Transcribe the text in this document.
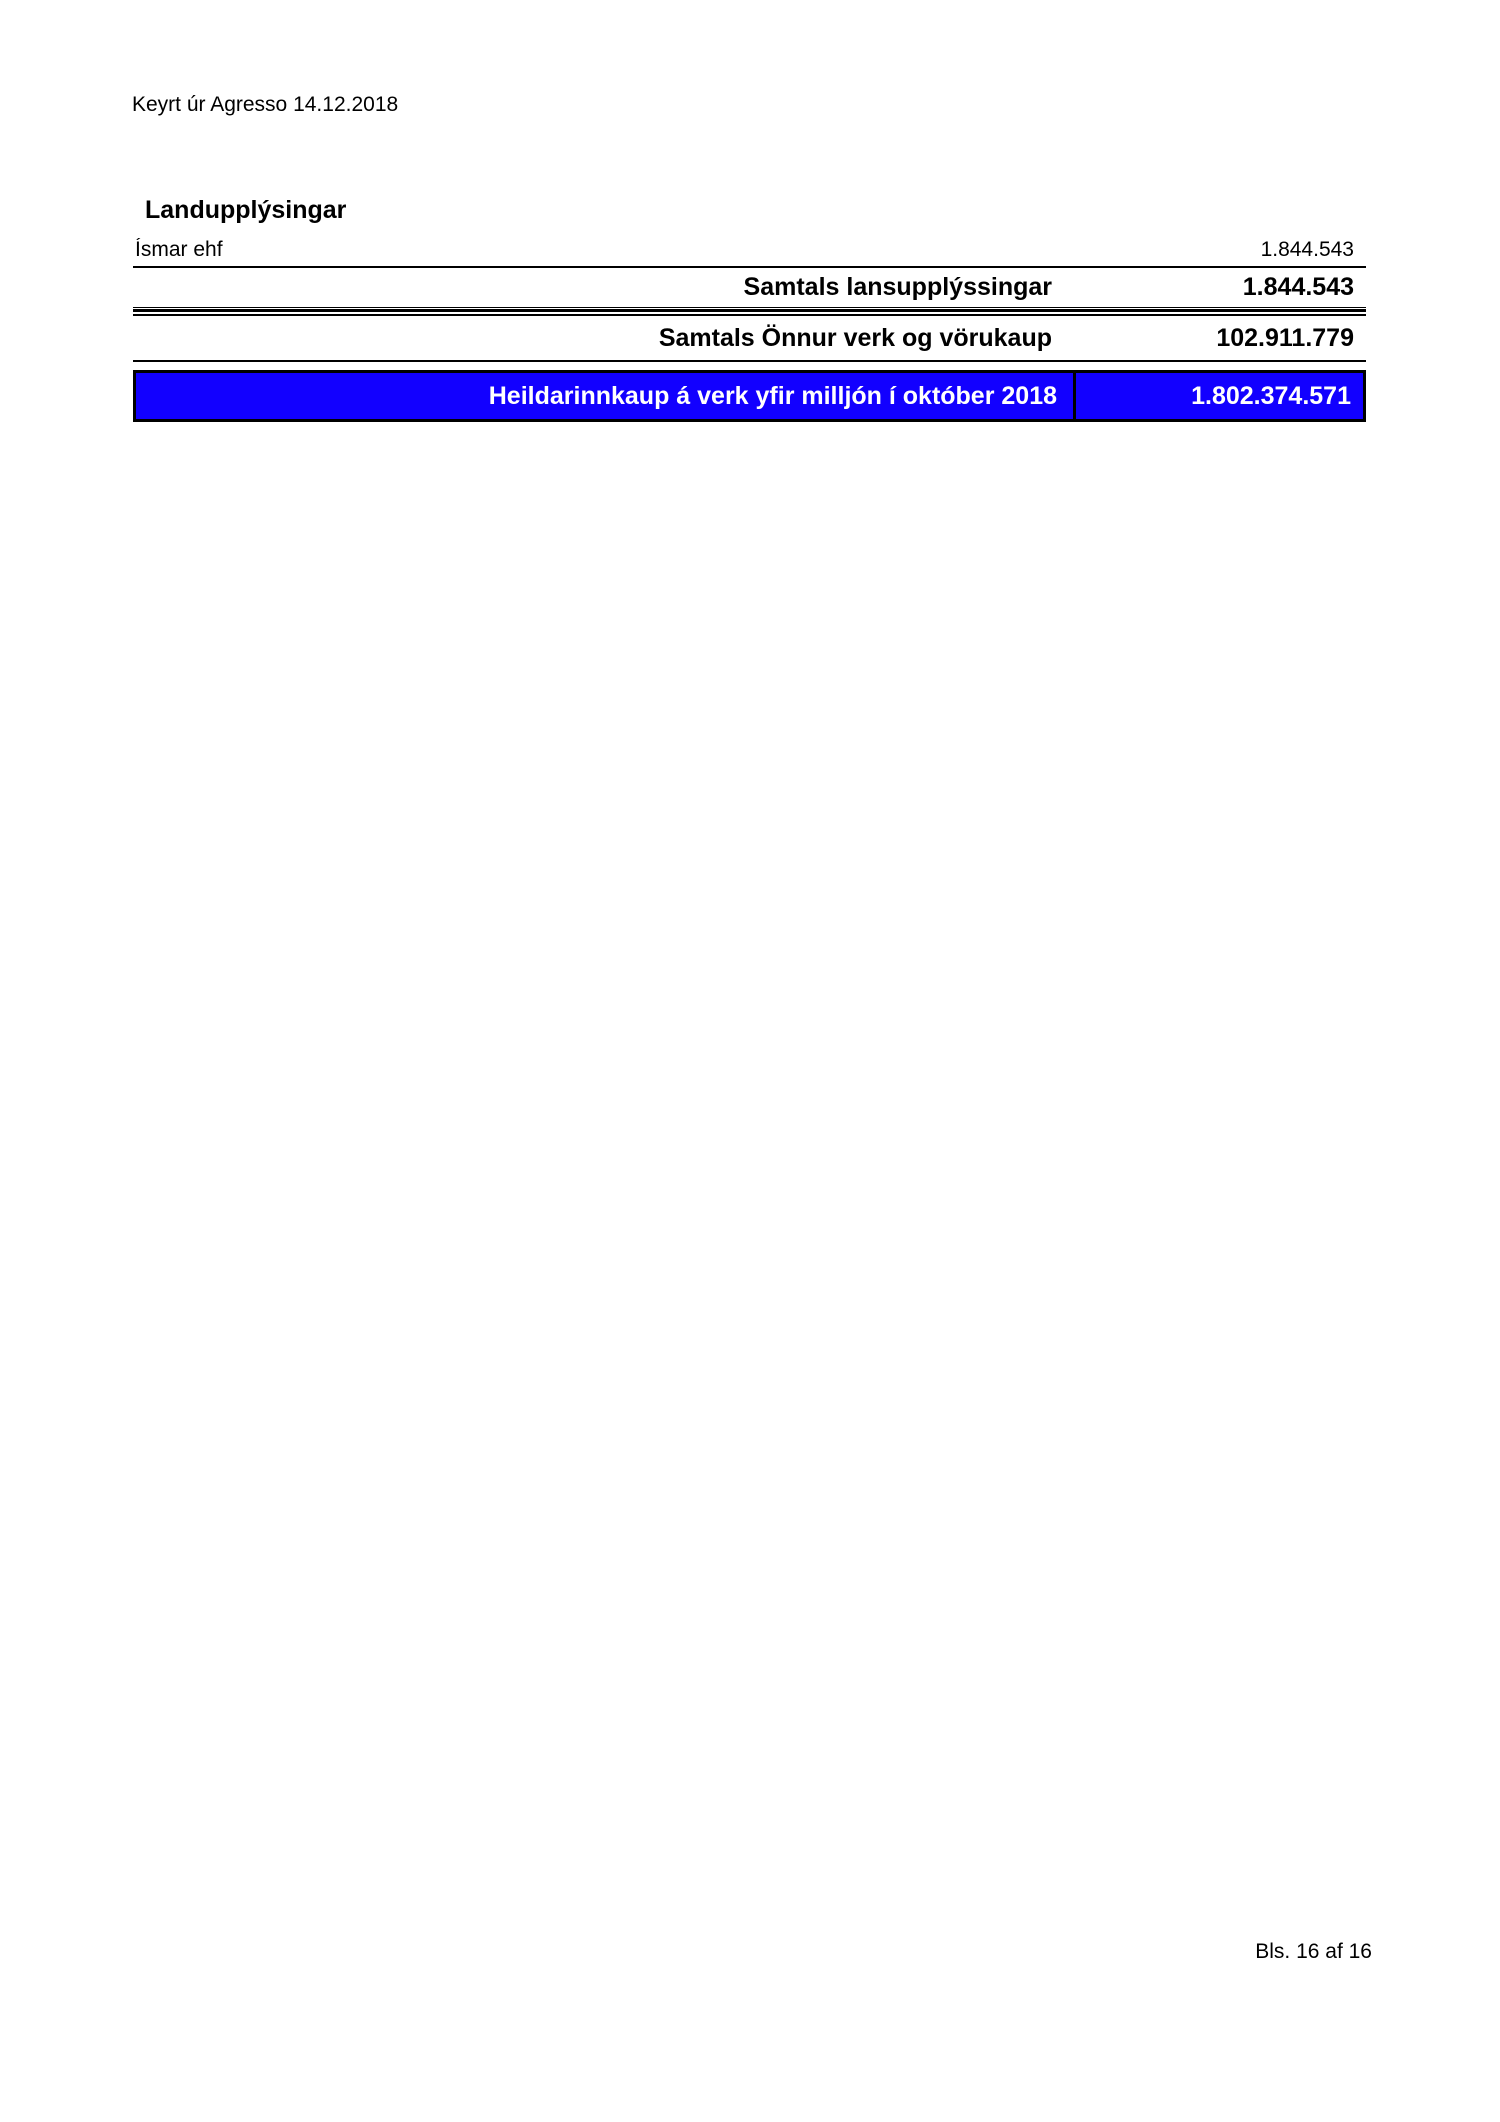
Keyrt úr Agresso 14.12.2018
Landupplýsingar
Ísmar ehf	1.844.543
Samtals lansupplýssingar	1.844.543
Samtals Önnur verk og vörukaup	102.911.779
Heildarinnkaup á verk yfir milljón í október 2018	1.802.374.571
Bls. 16 af 16
